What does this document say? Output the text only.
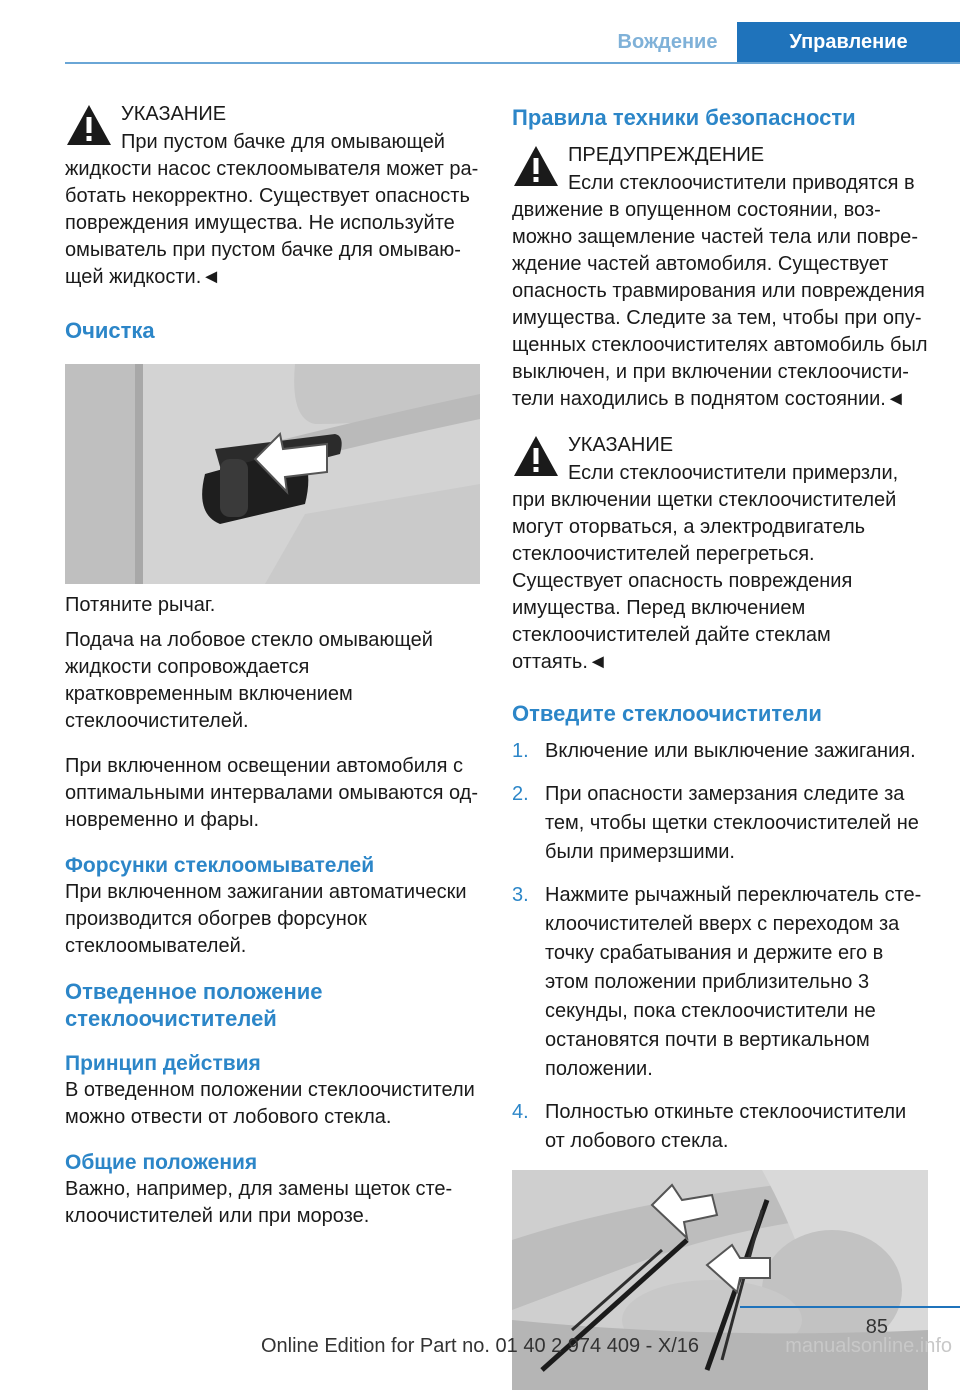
Вождение	Управление
УКАЗАНИЕ

При пустом бачке для омывающей жидкости насос стеклоомывателя может работать некорректно. Существует опасность повреждения имущества. Не используйте омыватель при пустом бачке для омывающей жидкости.◄

Очистка

Потяните рычаг.

Подача на лобовое стекло омывающей жидкости сопровождается кратковременным включением стеклоочистителей.

При включенном освещении автомобиля с оптимальными интервалами омываются одновременно и фары.

Форсунки стеклоомывателей

При включенном зажигании автоматически производится обогрев форсунок стеклоомывателей.

Отведенное положение стеклоочистителей
Принцип действия

В отведенном положении стеклоочистители можно отвести от лобового стекла.

Общие положения

Важно, например, для замены щеток стеклоочистителей или при морозе.

Правила техники безопасности
ПРЕДУПРЕЖДЕНИЕ

Если стеклоочистители приводятся в движение в опущенном состоянии, возможно защемление частей тела или повреждение частей автомобиля. Существует опасность травмирования или повреждения имущества. Следите за тем, чтобы при опущенных стеклоочистителях автомобиль был выключен, и при включении стеклоочистители находились в поднятом состоянии.◄

УКАЗАНИЕ

Если стеклоочистители примерзли, при включении щетки стеклоочистителей могут оторваться, а электродвигатель стеклоочистителей перегреться. Существует опасность повреждения имущества. Перед включением стеклоочистителей дайте стеклам оттаять.◄

Отведите стеклоочистители
1. Включение или выключение зажигания.
2. При опасности замерзания следите за тем, чтобы щетки стеклоочистителей не были примерзшими.
3. Нажмите рычажный переключатель стеклоочистителей вверх с переходом за точку срабатывания и держите его в этом положении приблизительно 3 секунды, пока стеклоочистители не остановятся почти в вертикальном положении.
4. Полностью откиньте стеклоочистители от лобового стекла.
85
Online Edition for Part no. 01 40 2 974 409 - X/16	manualsonline.info
